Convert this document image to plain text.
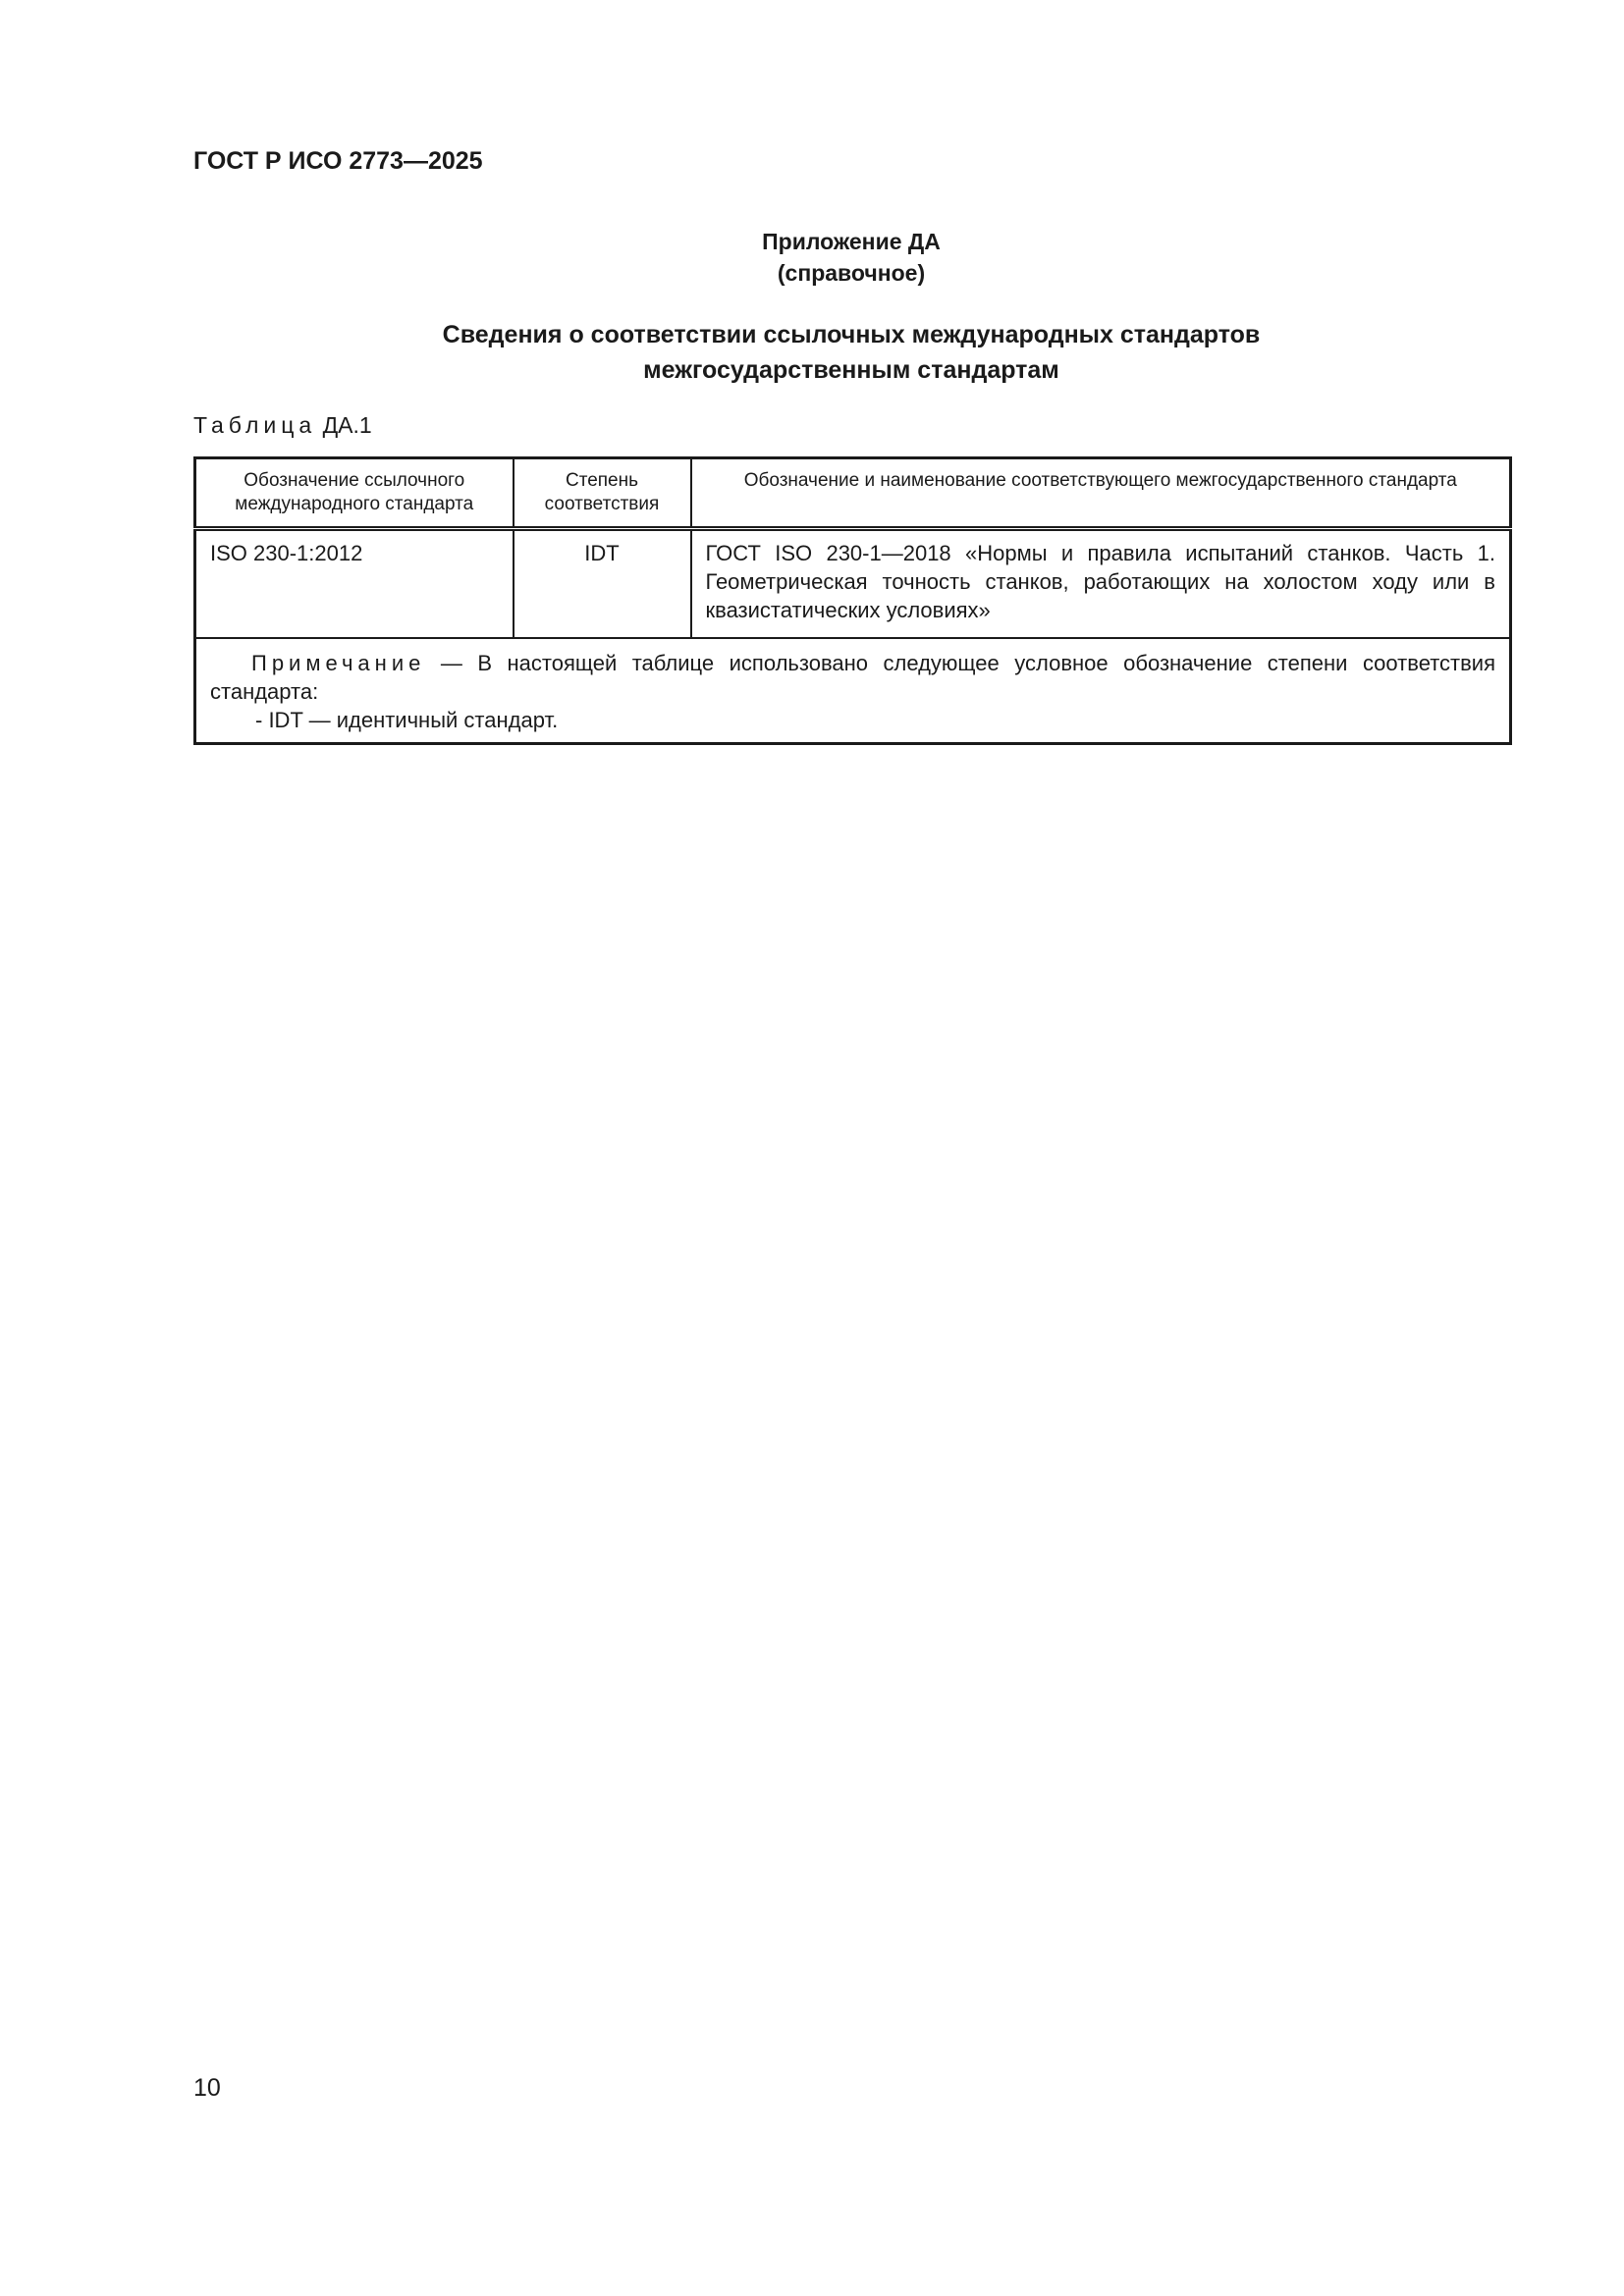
ГОСТ Р ИСО 2773—2025
Приложение ДА
(справочное)
Сведения о соответствии ссылочных международных стандартов
межгосударственным стандартам
Таблица ДА.1
Обозначение ссылочного международного стандарта	Степень соответствия	Обозначение и наименование соответствующего межгосударственного стандарта
ISO 230-1:2012	IDT	ГОСТ ISO 230-1—2018 «Нормы и правила испытаний станков. Часть 1. Геометрическая точность станков, работающих на холостом ходу или в квазистатических условиях»
Примечание — В настоящей таблице использовано следующее условное обозначение степени соответствия стандарта:
- IDT — идентичный стандарт.		
10
